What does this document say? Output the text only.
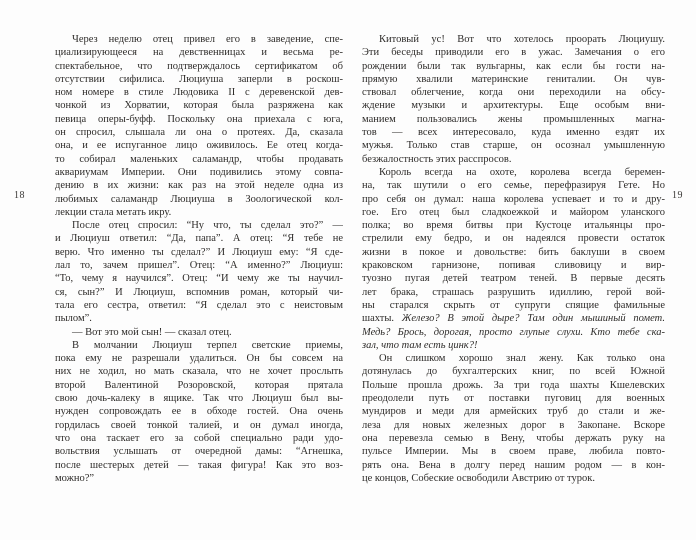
18
Через неделю отец привел его в заведение, спе-
циализирующееся на девственницах и весьма ре-
спектабельное, что подтверждалось сертификатом об
отсутствии сифилиса. Люциуша заперли в роскош-
ном номере в стиле Людовика II с деревенской дев-
чонкой из Хорватии, которая была разряжена как
певица оперы-буфф. Поскольку она приехала с юга,
он спросил, слышала ли она о протеях. Да, сказала
она, и ее испуганное лицо оживилось. Ее отец когда-
то собирал маленьких саламандр, чтобы продавать
аквариумам Империи. Они подивились этому совпа-
дению в их жизни: как раз на этой неделе одна из
любимых саламандр Люциуша в Зоологической кол-
лекции стала метать икру.
После отец спросил: “Ну что, ты сделал это?” —
и Люциуш ответил: “Да, папа”. А отец: “Я тебе не
верю. Что именно ты сделал?” И Люциуш ему: “Я сде-
лал то, зачем пришел”. Отец: “А именно?” Люциуш:
“То, чему я научился”. Отец: “И чему же ты научил-
ся, сын?” И Люциуш, вспомнив роман, который чи-
тала его сестра, ответил: “Я сделал это с неистовым
пылом”.
— Вот это мой сын! — сказал отец.
В молчании Люциуш терпел светские приемы,
пока ему не разрешали удалиться. Он бы совсем на
них не ходил, но мать сказала, что не хочет прослыть
второй Валентиной Розоровской, которая прятала
свою дочь-калеку в ящике. Так что Люциуш был вы-
нужден сопровождать ее в обходе гостей. Она очень
гордилась своей тонкой талией, и он думал иногда,
что она таскает его за собой специально ради удо-
вольствия услышать от очередной дамы: “Агнешка,
после шестерых детей — такая фигура! Как это воз-
можно?”
Китовый ус! Вот что хотелось проорать Люциушу.
Эти беседы приводили его в ужас. Замечания о его
рождении были так вульгарны, как если бы гости на-
прямую хвалили материнские гениталии. Он чув-
ствовал облегчение, когда они переходили на обсу-
ждение музыки и архитектуры. Еще особым вни-
манием пользовались жены промышленных магна-
тов — всех интересовало, куда именно ездят их
мужья. Только став старше, он осознал умышленную
безжалостность этих расспросов.
Король всегда на охоте, королева всегда беремен-
на, так шутили о его семье, перефразируя Гете. Но
про себя он думал: наша королева успевает и то и дру-
гое. Его отец был сладкоежкой и майором уланского
полка; во время битвы при Кустоце итальянцы про-
стрелили ему бедро, и он надеялся провести остаток
жизни в покое и довольстве: бить баклуши в своем
краковском гарнизоне, попивая сливовицу и вир-
туозно пугая детей театром теней. В первые десять
лет брака, страшась разрушить идиллию, герой вой-
ны старался скрыть от супруги спящие фамильные
шахты. Железо? В этой дыре? Там один мышиный помет.
Медь? Брось, дорогая, просто глупые слухи. Кто тебе ска-
зал, что там есть цинк?!
Он слишком хорошо знал жену. Как только она
дотянулась до бухгалтерских книг, по всей Южной
Польше прошла дрожь. За три года шахты Кшелевских
преодолели путь от поставки пуговиц для военных
мундиров и меди для армейских труб до стали и же-
леза для новых железных дорог в Закопане. Вскоре
она перевезла семью в Вену, чтобы держать руку на
пульсе Империи. Мы в своем праве, любила повто-
рять она. Вена в долгу перед нашим родом — в кон-
це концов, Собеские освободили Австрию от турок.
19
